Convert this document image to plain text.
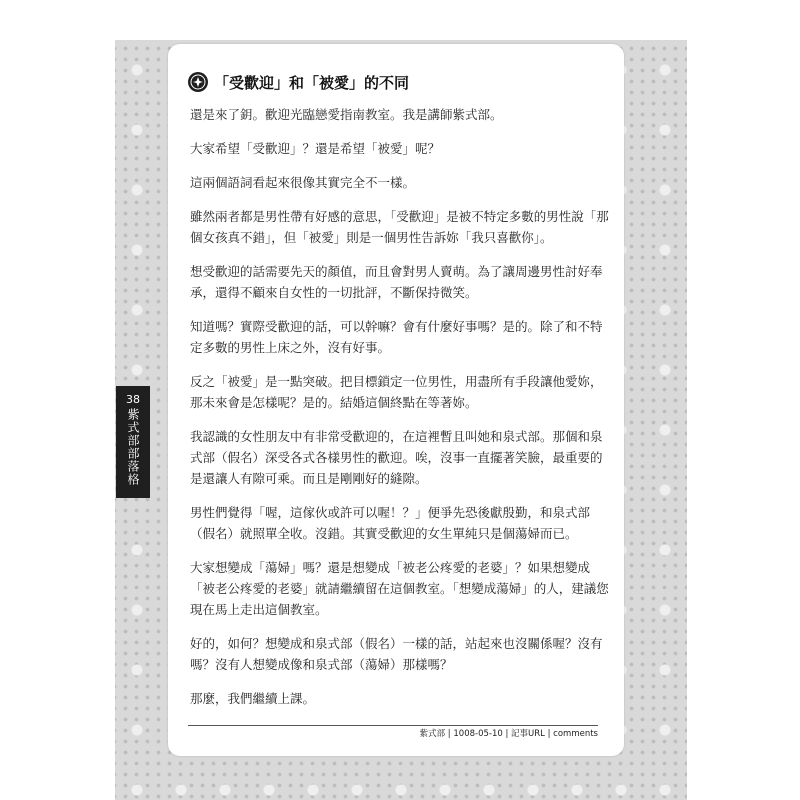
38
紫式部部落格
「受歡迎」和「被愛」的不同

還是來了鈅。歡迎光臨戀愛指南教室。我是講師紫式部。

大家希望「受歡迎」？還是希望「被愛」呢？

這兩個語詞看起來很像其實完全不一樣。

雖然兩者都是男性帶有好感的意思，「受歡迎」是被不特定多數的男性說「那個女孩真不錯」，但「被愛」則是一個男性告訴妳「我只喜歡你」。

想受歡迎的話需要先天的顏值，而且會對男人賣萌。為了讓周邊男性討好奉承，還得不顧來自女性的一切批評，不斷保持微笑。

知道嗎？實際受歡迎的話，可以幹嘛？會有什麼好事嗎？是的。除了和不特定多數的男性上床之外，沒有好事。

反之「被愛」是一點突破。把目標鎖定一位男性，用盡所有手段讓他愛妳，那未來會是怎樣呢？是的。結婚這個終點在等著妳。

我認識的女性朋友中有非常受歡迎的，在這裡暫且叫她和泉式部。那個和泉式部（假名）深受各式各樣男性的歡迎。唉，沒事一直擺著笑臉，最重要的是還讓人有隙可乘。而且是剛剛好的縫隙。

男性們覺得「喔，這傢伙或許可以喔！？」便爭先恐後獻殷勤，和泉式部（假名）就照單全收。沒錯。其實受歡迎的女生單純只是個蕩婦而已。

大家想變成「蕩婦」嗎？還是想變成「被老公疼愛的老婆」？如果想變成「被老公疼愛的老婆」就請繼續留在這個教室。「想變成蕩婦」的人，建議您現在馬上走出這個教室。

好的，如何？想變成和泉式部（假名）一樣的話，站起來也沒關係喔？沒有嗎？沒有人想變成像和泉式部（蕩婦）那樣嗎？

那麼，我們繼續上課。

紫式部 | 1008-05-10 | 記事URL | comments
